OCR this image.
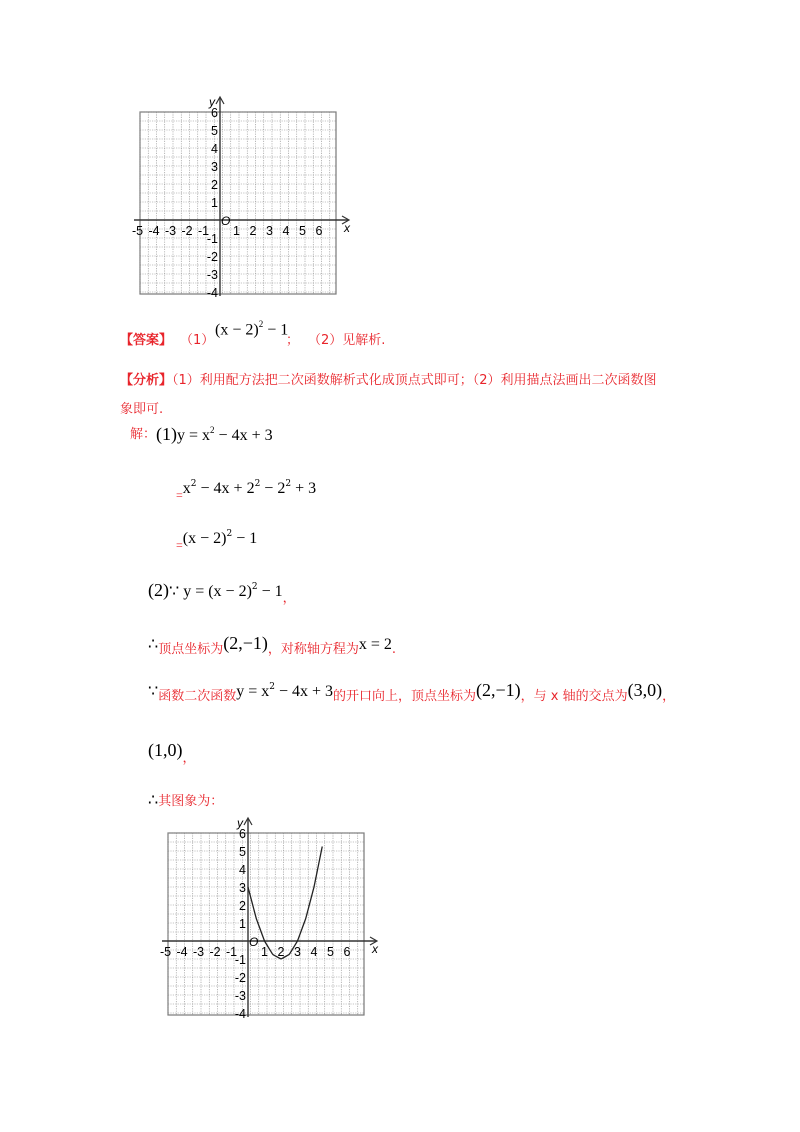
-5 -4 -3 -2 -1 1 2 3 4 5 6
6
5
4
3
2
1
-1
-2
-3
-4
x
y
O
【答案】 （1）
$(x - 2)^2 - 1$
； （2）见解析.
【分析】（1）利用配方法把二次函数解析式化成顶点式即可；（2）利用描点法画出二次函数图
象即可.
解：$(1)y = x^2 - 4x + 3$
$_=x^2 - 4x + 2^2 - 2^2 + 3$
$_=(x - 2)^2 - 1$
(2)∵ $y = (x - 2)^2 - 1_,$
$\therefore_{顶点坐标为}(2,-1)_{,对称轴方程为}x = 2_.$
$\because_{函数二次函数}y = x^2 - 4x + 3_{的开口向上,顶点坐标为}(2,-1)_{,与 x 轴的交点为}(3,0)_,$
$(1,0)_,$
∴其图象为：
-5 -4 -3 -2 -1 1 2 3 4 5 6
6
5
4
3
2
1
-1
-2
-3
-4
x
y
O
